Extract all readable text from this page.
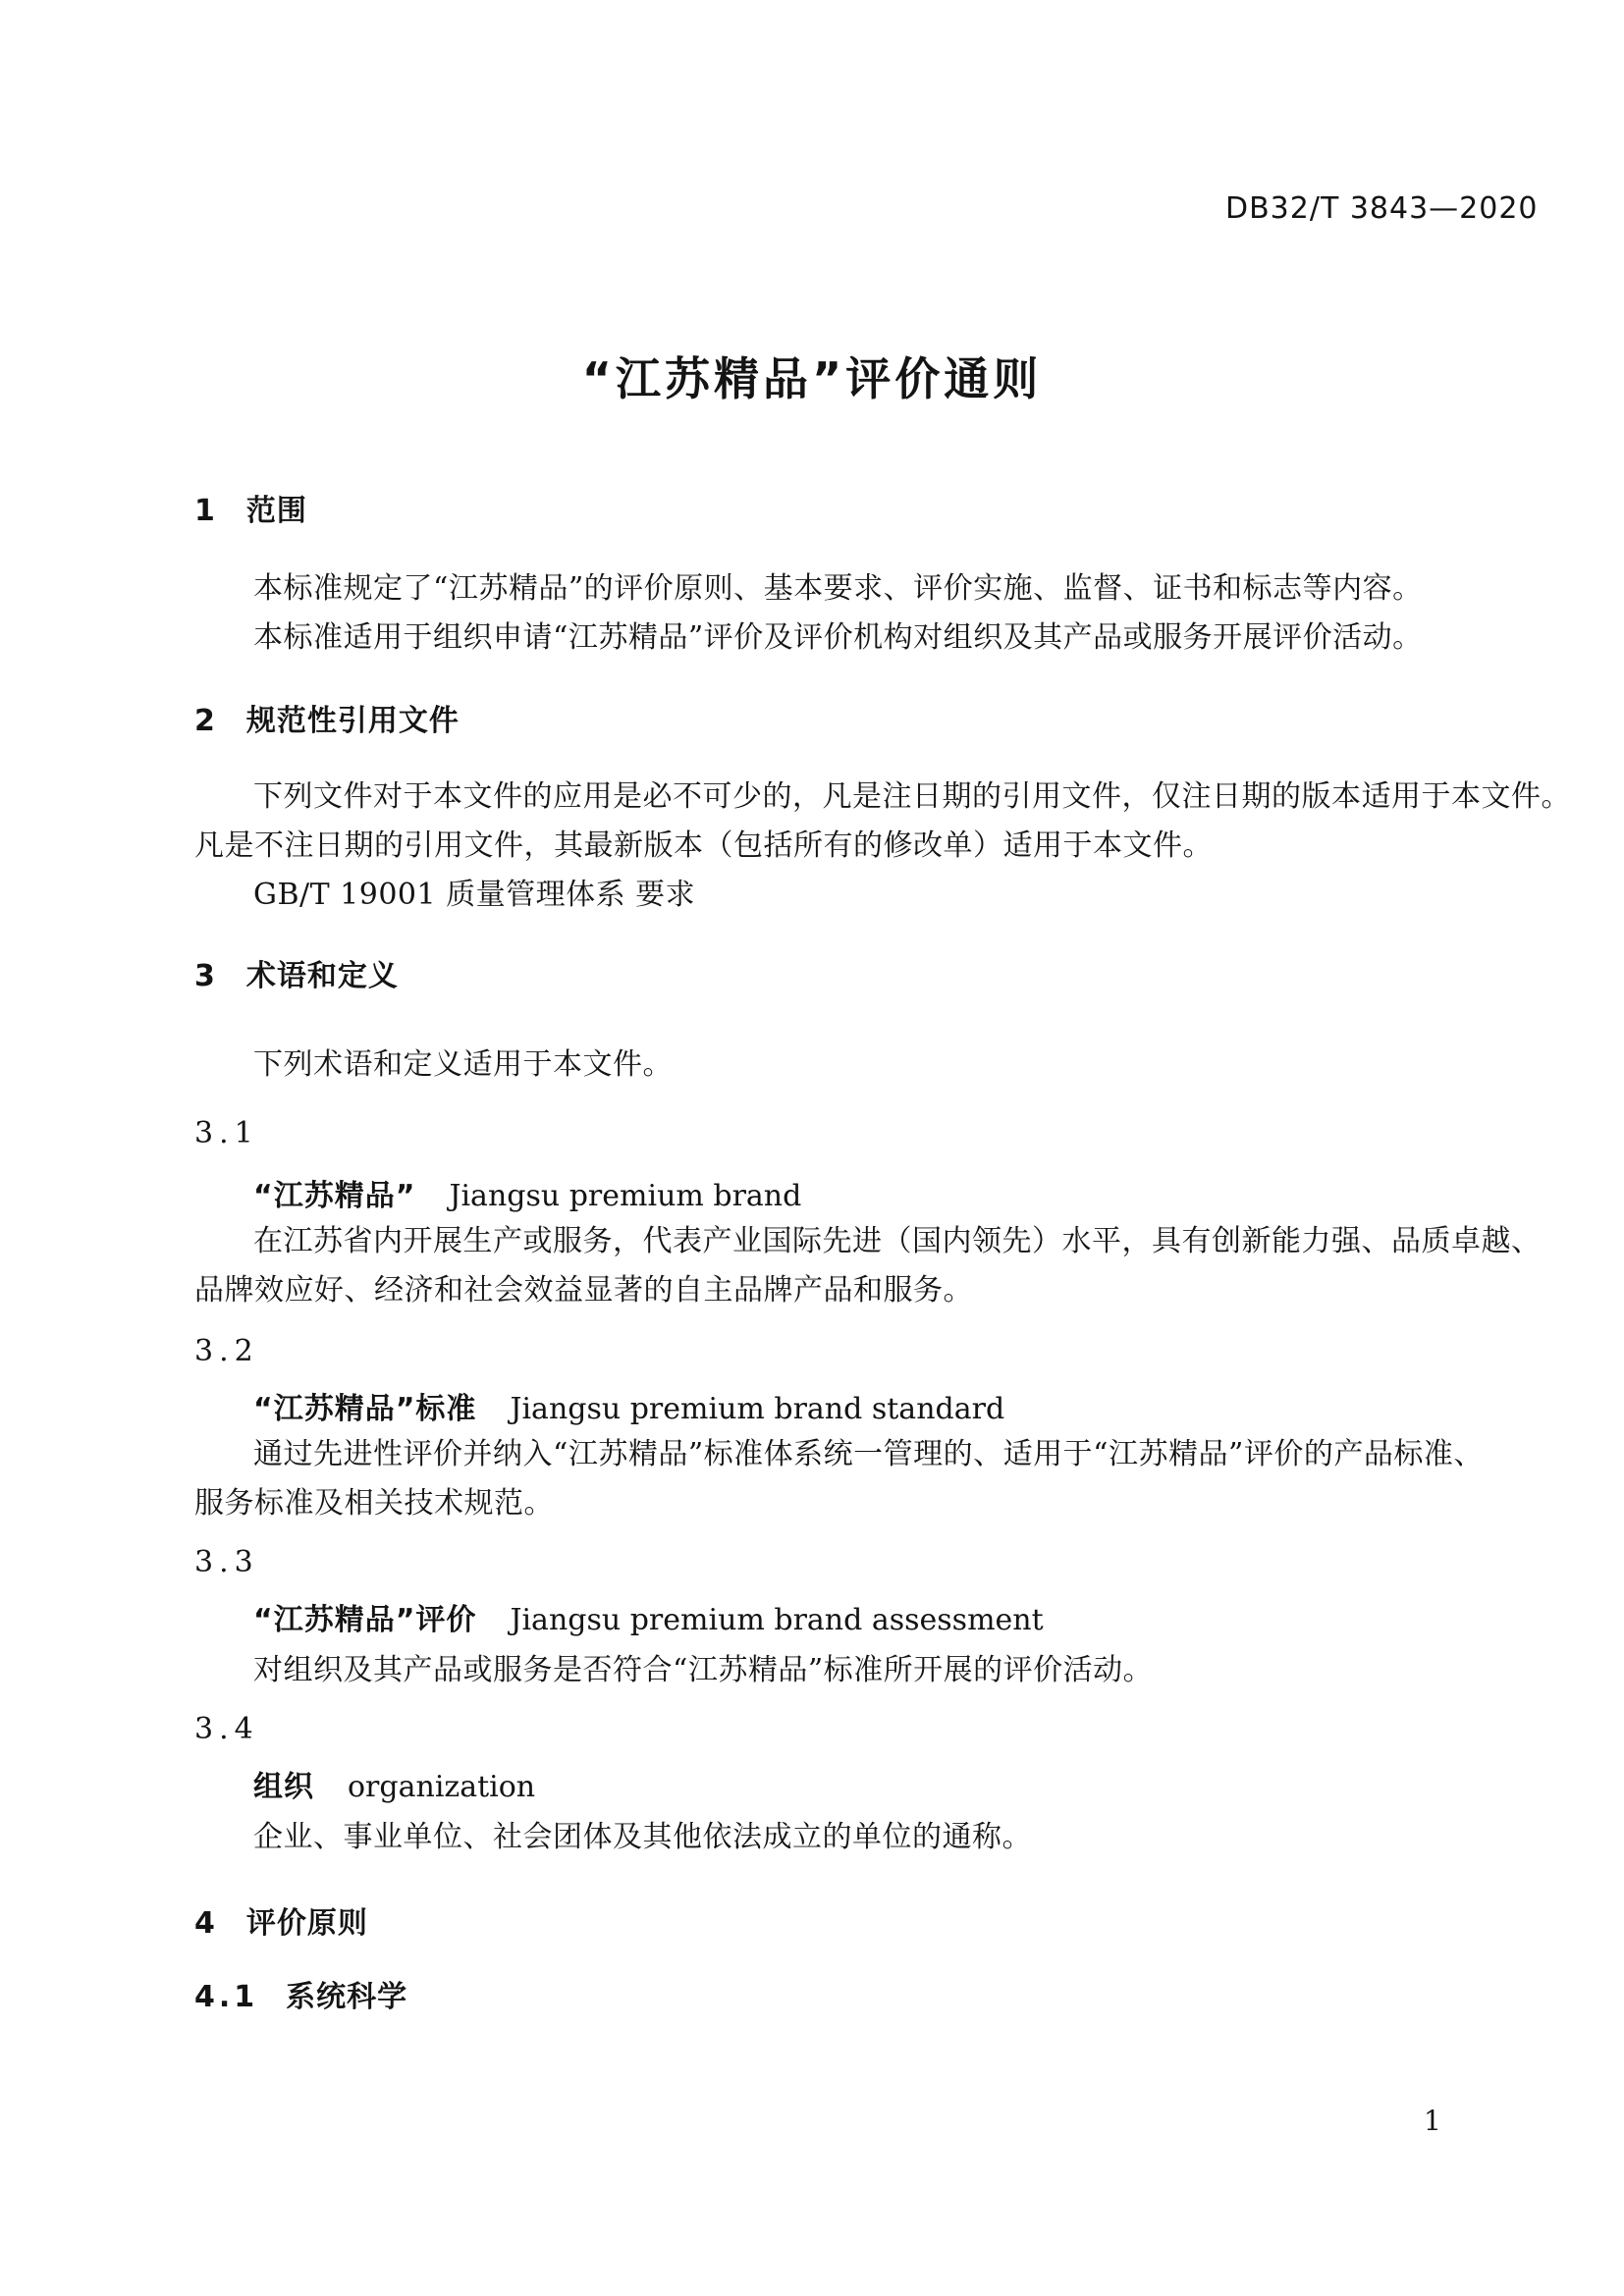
DB32/T 3843—2020
“江苏精品”评价通则
1 范围
本标准规定了“江苏精品”的评价原则、基本要求、评价实施、监督、证书和标志等内容。
本标准适用于组织申请“江苏精品”评价及评价机构对组织及其产品或服务开展评价活动。
2 规范性引用文件
下列文件对于本文件的应用是必不可少的，凡是注日期的引用文件，仅注日期的版本适用于本文件。
凡是不注日期的引用文件，其最新版本（包括所有的修改单）适用于本文件。
GB/T 19001 质量管理体系 要求
3 术语和定义
下列术语和定义适用于本文件。
3.1
“江苏精品” Jiangsu premium brand
在江苏省内开展生产或服务，代表产业国际先进（国内领先）水平，具有创新能力强、品质卓越、
品牌效应好、经济和社会效益显著的自主品牌产品和服务。
3.2
“江苏精品”标准 Jiangsu premium brand standard
通过先进性评价并纳入“江苏精品”标准体系统一管理的、适用于“江苏精品”评价的产品标准、
服务标准及相关技术规范。
3.3
“江苏精品”评价 Jiangsu premium brand assessment
对组织及其产品或服务是否符合“江苏精品”标准所开展的评价活动。
3.4
组织 organization
企业、事业单位、社会团体及其他依法成立的单位的通称。
4 评价原则
4.1 系统科学
1
